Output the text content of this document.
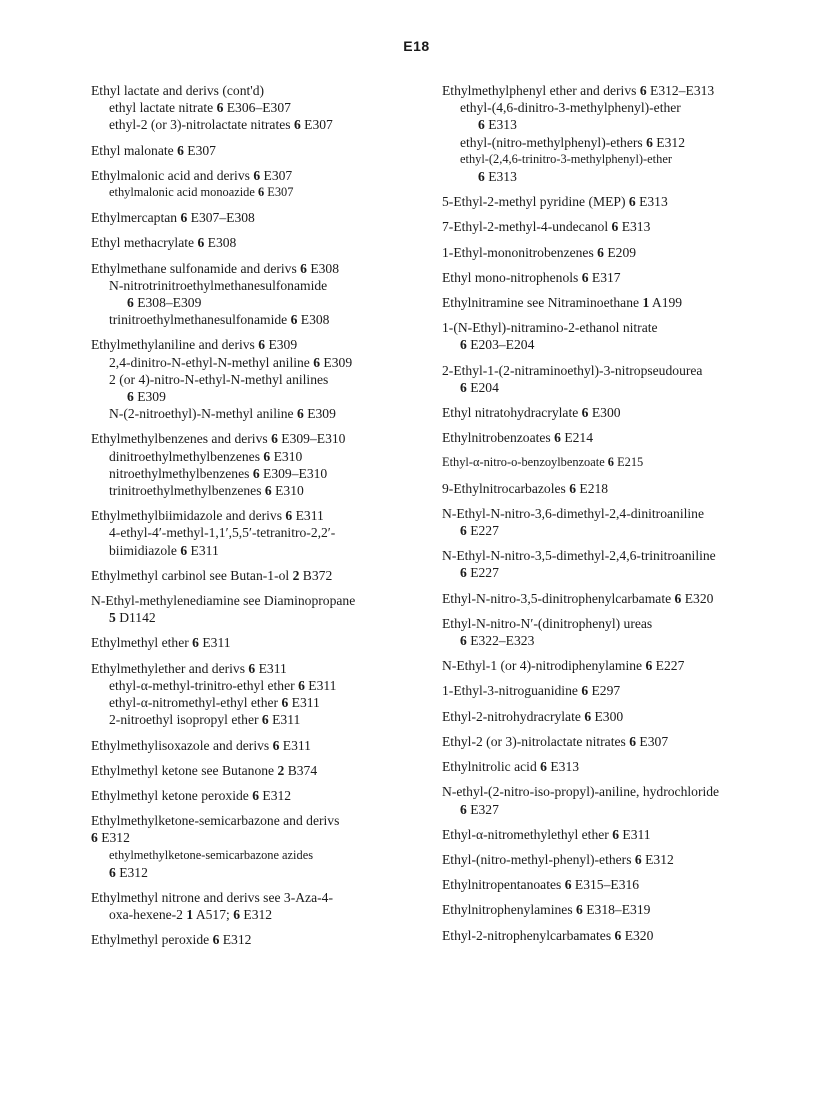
E18
Ethyl lactate and derivs (cont'd)
ethyl lactate nitrate 6 E306–E307
ethyl-2 (or 3)-nitrolactate nitrates 6 E307
Ethyl malonate 6 E307
Ethylmalonic acid and derivs 6 E307
ethylmalonic acid monoazide 6 E307
Ethylmercaptan 6 E307–E308
Ethyl methacrylate 6 E308
Ethylmethane sulfonamide and derivs 6 E308
N-nitrotrinitroethylmethanesulfonamide
6 E308–E309
trinitroethylmethanesulfonamide 6 E308
Ethylmethylaniline and derivs 6 E309
2,4-dinitro-N-ethyl-N-methyl aniline 6 E309
2 (or 4)-nitro-N-ethyl-N-methyl anilines
6 E309
N-(2-nitroethyl)-N-methyl aniline 6 E309
Ethylmethylbenzenes and derivs 6 E309–E310
dinitroethylmethylbenzenes 6 E310
nitroethylmethylbenzenes 6 E309–E310
trinitroethylmethylbenzenes 6 E310
Ethylmethylbiimidazole and derivs 6 E311
4-ethyl-4′-methyl-1,1′,5,5′-tetranitro-2,2′-
biimidiazole 6 E311
Ethylmethyl carbinol see Butan-1-ol 2 B372
N-Ethyl-methylenediamine see Diaminopropane
5 D1142
Ethylmethyl ether 6 E311
Ethylmethylether and derivs 6 E311
ethyl-α-methyl-trinitro-ethyl ether 6 E311
ethyl-α-nitromethyl-ethyl ether 6 E311
2-nitroethyl isopropyl ether 6 E311
Ethylmethylisoxazole and derivs 6 E311
Ethylmethyl ketone see Butanone 2 B374
Ethylmethyl ketone peroxide 6 E312
Ethylmethylketone-semicarbazone and derivs
6 E312
ethylmethylketone-semicarbazone azides
6 E312
Ethylmethyl nitrone and derivs see 3-Aza-4-
oxa-hexene-2 1 A517; 6 E312
Ethylmethyl peroxide 6 E312
Ethylmethylphenyl ether and derivs 6 E312–E313
ethyl-(4,6-dinitro-3-methylphenyl)-ether
6 E313
ethyl-(nitro-methylphenyl)-ethers 6 E312
ethyl-(2,4,6-trinitro-3-methylphenyl)-ether
6 E313
5-Ethyl-2-methyl pyridine (MEP) 6 E313
7-Ethyl-2-methyl-4-undecanol 6 E313
1-Ethyl-mononitrobenzenes 6 E209
Ethyl mono-nitrophenols 6 E317
Ethylnitramine see Nitraminoethane 1 A199
1-(N-Ethyl)-nitramino-2-ethanol nitrate
6 E203–E204
2-Ethyl-1-(2-nitraminoethyl)-3-nitropseudourea
6 E204
Ethyl nitratohydracrylate 6 E300
Ethylnitrobenzoates 6 E214
Ethyl-α-nitro-o-benzoylbenzoate 6 E215
9-Ethylnitrocarbazoles 6 E218
N-Ethyl-N-nitro-3,6-dimethyl-2,4-dinitroaniline
6 E227
N-Ethyl-N-nitro-3,5-dimethyl-2,4,6-trinitroaniline
6 E227
Ethyl-N-nitro-3,5-dinitrophenylcarbamate 6 E320
Ethyl-N-nitro-N′-(dinitrophenyl) ureas
6 E322–E323
N-Ethyl-1 (or 4)-nitrodiphenylamine 6 E227
1-Ethyl-3-nitroguanidine 6 E297
Ethyl-2-nitrohydracrylate 6 E300
Ethyl-2 (or 3)-nitrolactate nitrates 6 E307
Ethylnitrolic acid 6 E313
N-ethyl-(2-nitro-iso-propyl)-aniline, hydrochloride
6 E327
Ethyl-α-nitromethylethyl ether 6 E311
Ethyl-(nitro-methyl-phenyl)-ethers 6 E312
Ethylnitropentanoates 6 E315–E316
Ethylnitrophenylamines 6 E318–E319
Ethyl-2-nitrophenylcarbamates 6 E320
